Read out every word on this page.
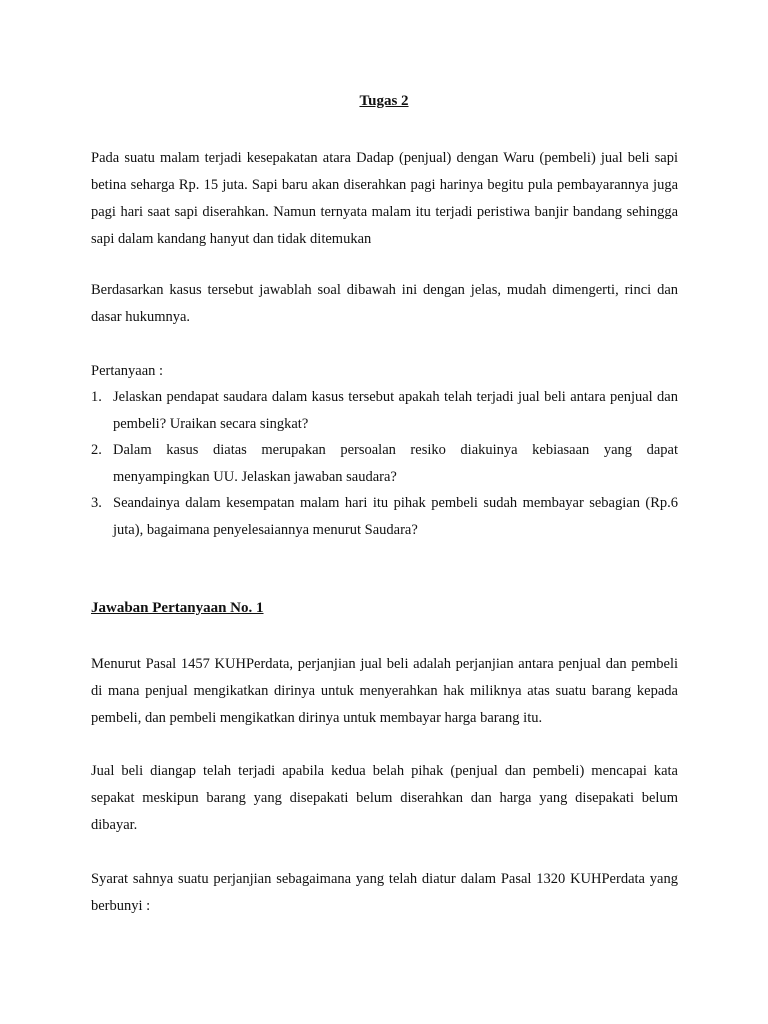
Tugas 2

Pada suatu malam terjadi kesepakatan atara Dadap (penjual) dengan Waru (pembeli) jual beli sapi betina seharga Rp. 15 juta. Sapi baru akan diserahkan pagi harinya begitu pula pembayarannya juga pagi hari saat sapi diserahkan. Namun ternyata malam itu terjadi peristiwa banjir bandang sehingga sapi dalam kandang hanyut dan tidak ditemukan

Berdasarkan kasus tersebut jawablah soal dibawah ini dengan jelas, mudah dimengerti, rinci dan dasar hukumnya.

Pertanyaan :
1. Jelaskan pendapat saudara dalam kasus tersebut apakah telah terjadi jual beli antara penjual dan pembeli? Uraikan secara singkat?
2. Dalam kasus diatas merupakan persoalan resiko diakuinya kebiasaan yang dapat menyampingkan UU. Jelaskan jawaban saudara?
3. Seandainya dalam kesempatan malam hari itu pihak pembeli sudah membayar sebagian (Rp.6 juta), bagaimana penyelesaiannya menurut Saudara?
Jawaban Pertanyaan No. 1

Menurut Pasal 1457 KUHPerdata, perjanjian jual beli adalah perjanjian antara penjual dan pembeli di mana penjual mengikatkan dirinya untuk menyerahkan hak miliknya atas suatu barang kepada pembeli, dan pembeli mengikatkan dirinya untuk membayar harga barang itu.

Jual beli diangap telah terjadi apabila kedua belah pihak (penjual dan pembeli) mencapai kata sepakat meskipun barang yang disepakati belum diserahkan dan harga yang disepakati belum dibayar.

Syarat sahnya suatu perjanjian sebagaimana yang telah diatur dalam Pasal 1320 KUHPerdata yang berbunyi :
